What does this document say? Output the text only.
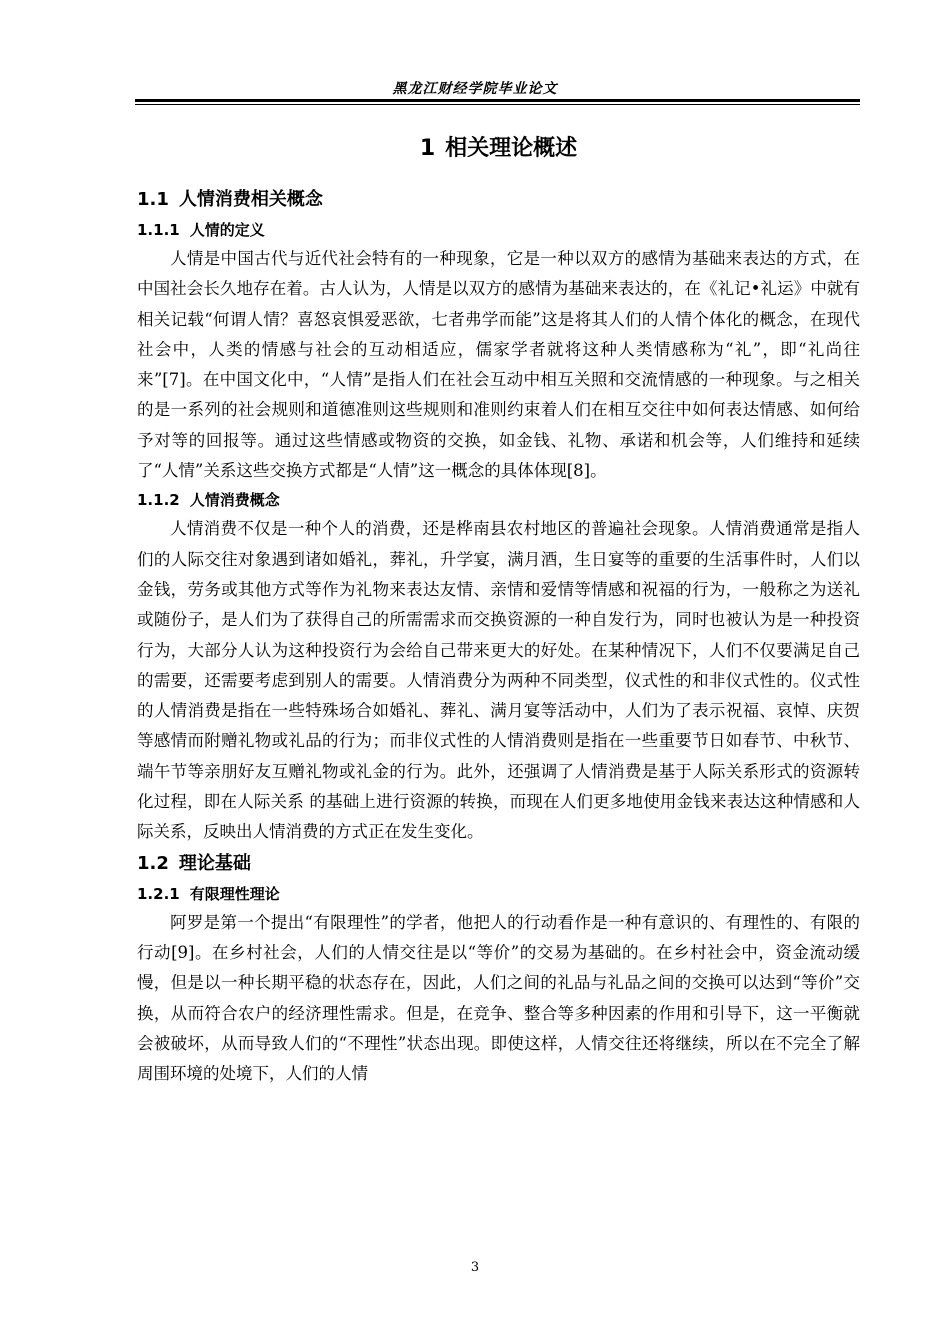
黑龙江财经学院毕业论文
1 相关理论概述
1.1 人情消费相关概念
1.1.1 人情的定义

人情是中国古代与近代社会特有的一种现象，它是一种以双方的感情为基础来表达的方式，在中国社会长久地存在着。古人认为，人情是以双方的感情为基础来表达的，在《礼记•礼运》中就有相关记载“何谓人情？喜怒哀惧爱恶欲，七者弗学而能”这是将其人们的人情个体化的概念，在现代社会中，人类的情感与社会的互动相适应，儒家学者就将这种人类情感称为“礼”，即“礼尚往来”[7]。在中国文化中，“人情”是指人们在社会互动中相互关照和交流情感的一种现象。与之相关的是一系列的社会规则和道德准则这些规则和准则约束着人们在相互交往中如何表达情感、如何给予对等的回报等。通过这些情感或物资的交换，如金钱、礼物、承诺和机会等，人们维持和延续了“人情”关系这些交换方式都是“人情”这一概念的具体体现[8]。

1.1.2 人情消费概念

人情消费不仅是一种个人的消费，还是桦南县农村地区的普遍社会现象。人情消费通常是指人们的人际交往对象遇到诸如婚礼，葬礼，升学宴，满月酒，生日宴等的重要的生活事件时，人们以金钱，劳务或其他方式等作为礼物来表达友情、亲情和爱情等情感和祝福的行为，一般称之为送礼或随份子，是人们为了获得自己的所需需求而交换资源的一种自发行为，同时也被认为是一种投资行为，大部分人认为这种投资行为会给自己带来更大的好处。在某种情况下，人们不仅要满足自己的需要，还需要考虑到别人的需要。人情消费分为两种不同类型，仪式性的和非仪式性的。仪式性的人情消费是指在一些特殊场合如婚礼、葬礼、满月宴等活动中，人们为了表示祝福、哀悼、庆贺等感情而附赠礼物或礼品的行为；而非仪式性的人情消费则是指在一些重要节日如春节、中秋节、端午节等亲朋好友互赠礼物或礼金的行为。此外，还强调了人情消费是基于人际关系形式的资源转化过程，即在人际关系 的基础上进行资源的转换，而现在人们更多地使用金钱来表达这种情感和人际关系，反映出人情消费的方式正在发生变化。

1.2 理论基础
1.2.1 有限理性理论

阿罗是第一个提出“有限理性”的学者，他把人的行动看作是一种有意识的、有理性的、有限的行动[9]。在乡村社会，人们的人情交往是以“等价”的交易为基础的。在乡村社会中，资金流动缓慢，但是以一种长期平稳的状态存在，因此，人们之间的礼品与礼品之间的交换可以达到“等价”交换，从而符合农户的经济理性需求。但是，在竞争、整合等多种因素的作用和引导下，这一平衡就会被破坏，从而导致人们的“不理性”状态出现。即使这样，人情交往还将继续，所以在不完全了解周围环境的处境下，人们的人情

3
